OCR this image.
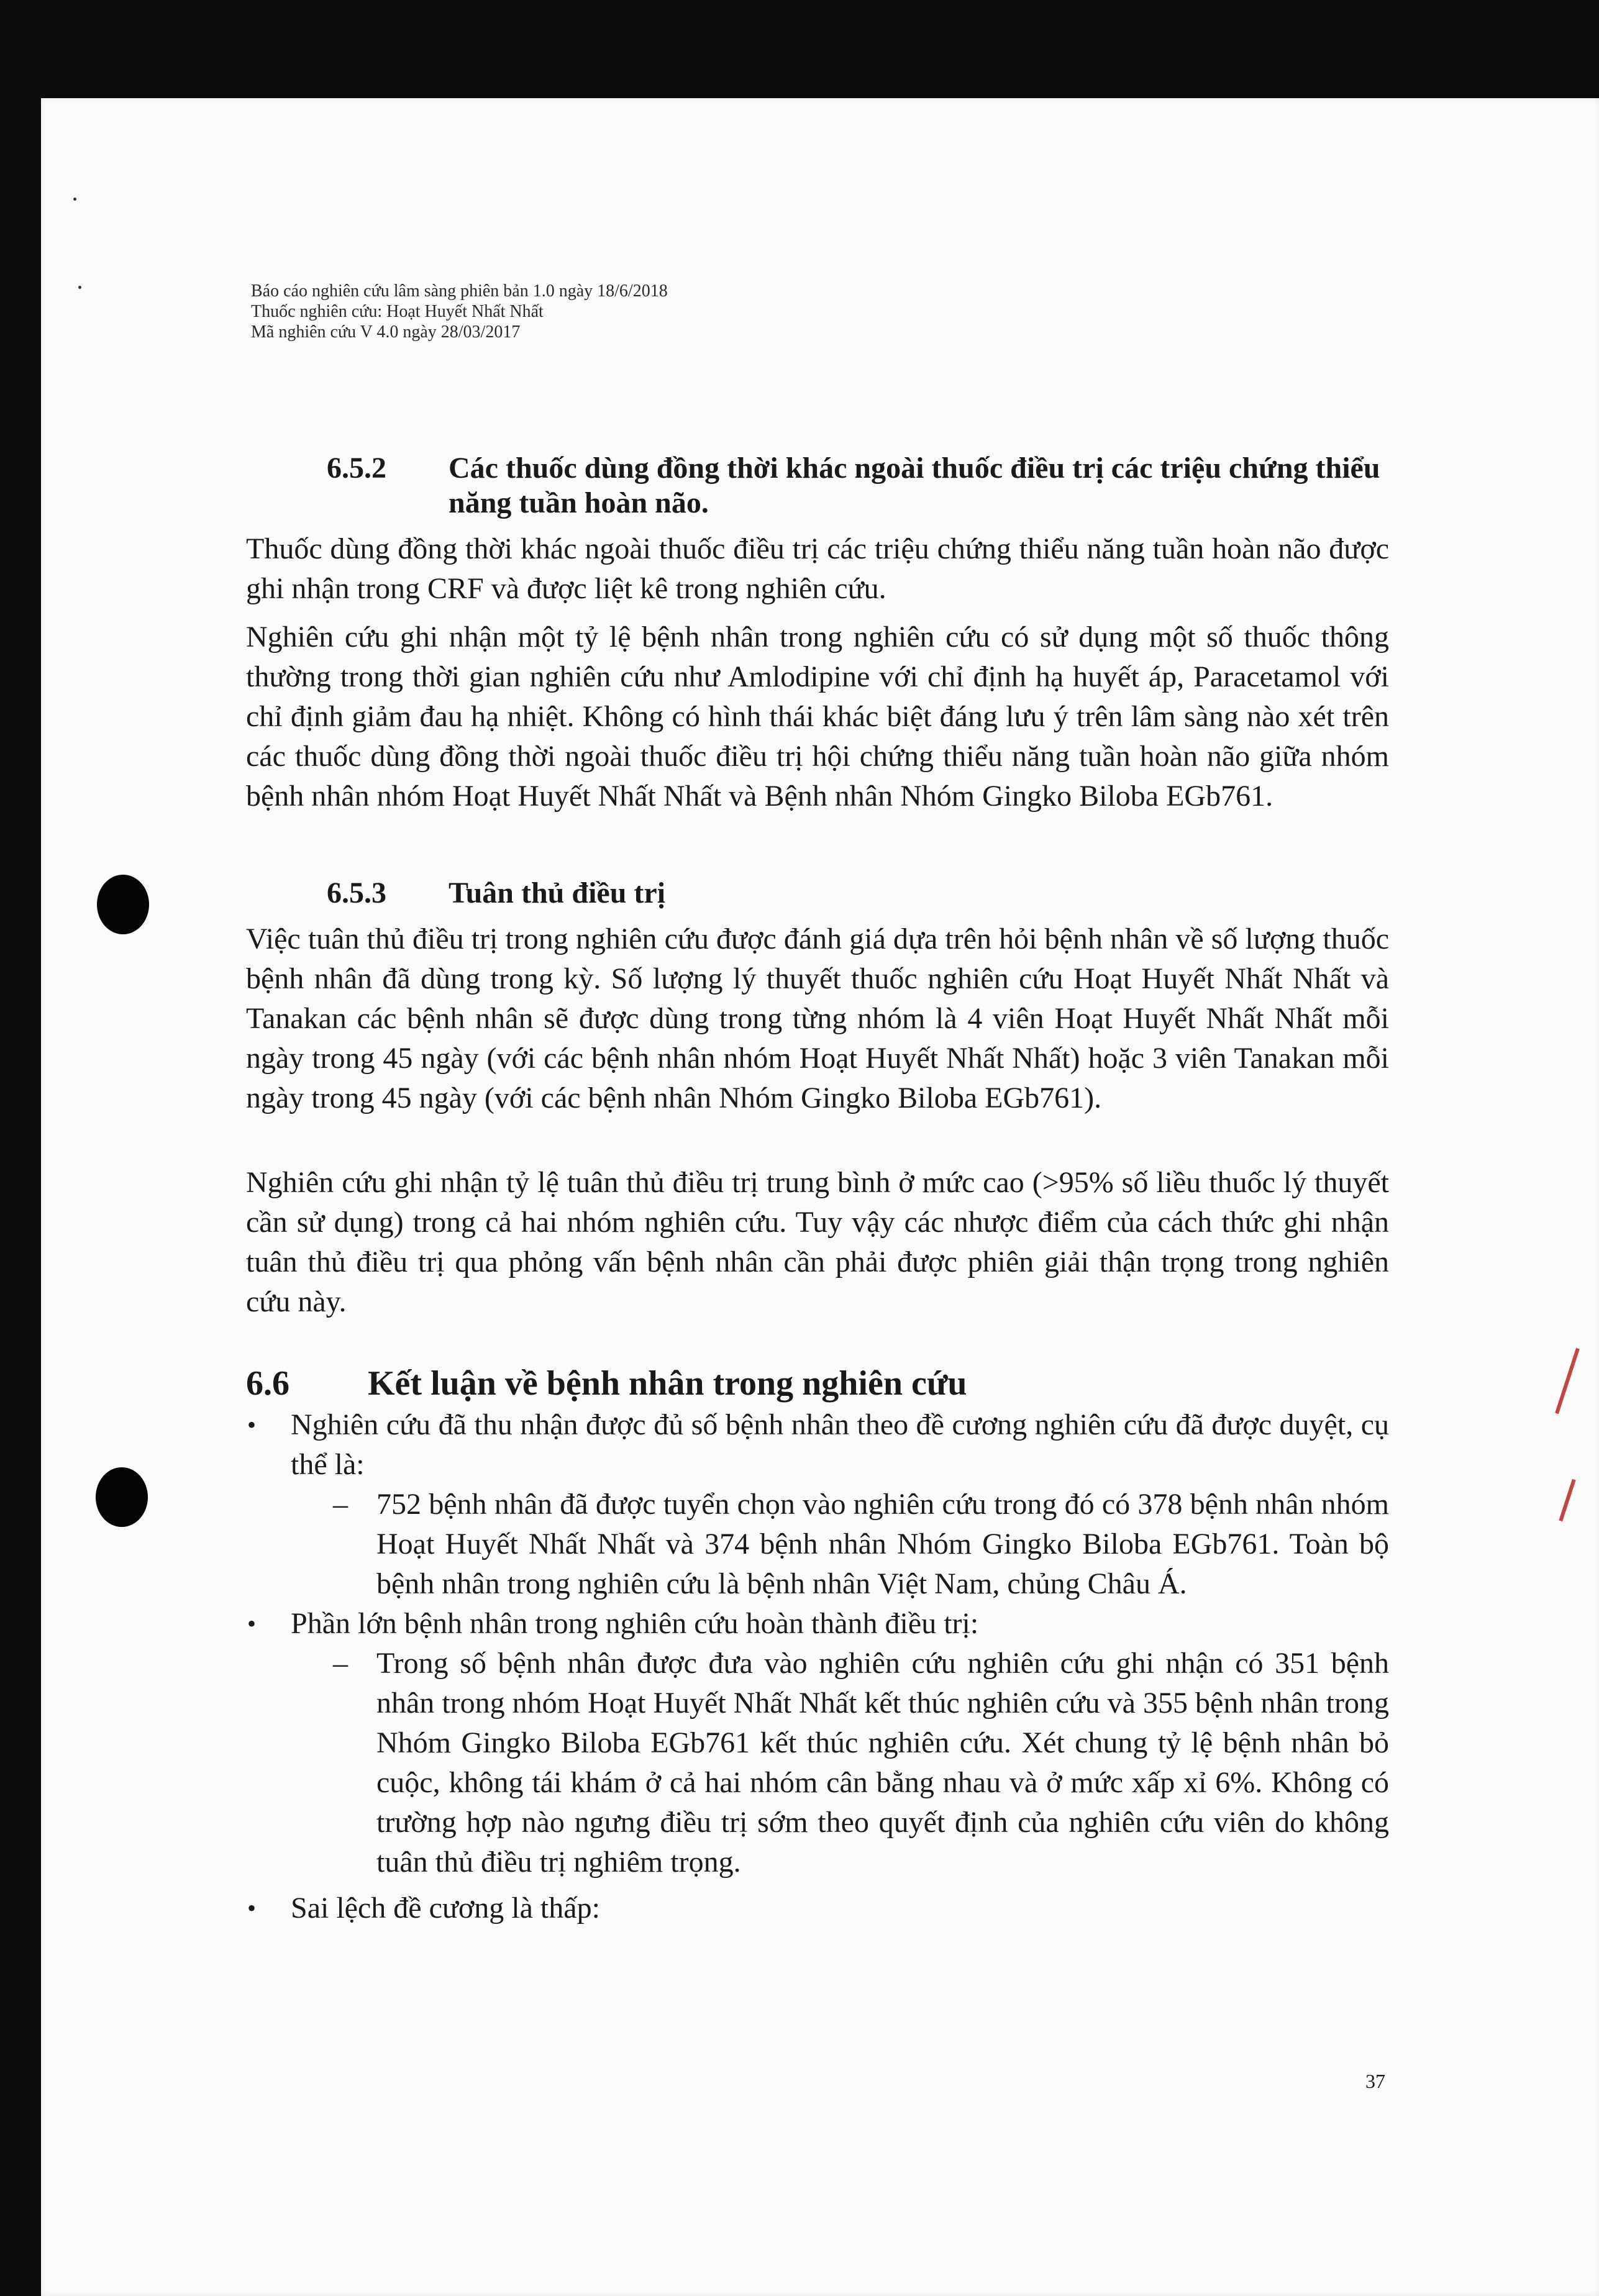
Báo cáo nghiên cứu lâm sàng phiên bản 1.0 ngày 18/6/2018
Thuốc nghiên cứu: Hoạt Huyết Nhất Nhất
Mã nghiên cứu V 4.0 ngày 28/03/2017
6.5.2	Các thuốc dùng đồng thời khác ngoài thuốc điều trị các triệu chứng thiểu năng tuần hoàn não.

Thuốc dùng đồng thời khác ngoài thuốc điều trị các triệu chứng thiểu năng tuần hoàn não được ghi nhận trong CRF và được liệt kê trong nghiên cứu.

Nghiên cứu ghi nhận một tỷ lệ bệnh nhân trong nghiên cứu có sử dụng một số thuốc thông thường trong thời gian nghiên cứu như Amlodipine với chỉ định hạ huyết áp, Paracetamol với chỉ định giảm đau hạ nhiệt. Không có hình thái khác biệt đáng lưu ý trên lâm sàng nào xét trên các thuốc dùng đồng thời ngoài thuốc điều trị hội chứng thiểu năng tuần hoàn não giữa nhóm bệnh nhân nhóm Hoạt Huyết Nhất Nhất và Bệnh nhân Nhóm Gingko Biloba EGb761.

6.5.3	Tuân thủ điều trị

Việc tuân thủ điều trị trong nghiên cứu được đánh giá dựa trên hỏi bệnh nhân về số lượng thuốc bệnh nhân đã dùng trong kỳ. Số lượng lý thuyết thuốc nghiên cứu Hoạt Huyết Nhất Nhất và Tanakan các bệnh nhân sẽ được dùng trong từng nhóm là 4 viên Hoạt Huyết Nhất Nhất mỗi ngày trong 45 ngày (với các bệnh nhân nhóm Hoạt Huyết Nhất Nhất) hoặc 3 viên Tanakan mỗi ngày trong 45 ngày (với các bệnh nhân Nhóm Gingko Biloba EGb761).

Nghiên cứu ghi nhận tỷ lệ tuân thủ điều trị trung bình ở mức cao (>95% số liều thuốc lý thuyết cần sử dụng) trong cả hai nhóm nghiên cứu. Tuy vậy các nhược điểm của cách thức ghi nhận tuân thủ điều trị qua phỏng vấn bệnh nhân cần phải được phiên giải thận trọng trong nghiên cứu này.

6.6	Kết luận về bệnh nhân trong nghiên cứu
•	Nghiên cứu đã thu nhận được đủ số bệnh nhân theo đề cương nghiên cứu đã được duyệt, cụ thể là:
– 752 bệnh nhân đã được tuyển chọn vào nghiên cứu trong đó có 378 bệnh nhân nhóm Hoạt Huyết Nhất Nhất và 374 bệnh nhân Nhóm Gingko Biloba EGb761. Toàn bộ bệnh nhân trong nghiên cứu là bệnh nhân Việt Nam, chủng Châu Á.
•	Phần lớn bệnh nhân trong nghiên cứu hoàn thành điều trị:
– Trong số bệnh nhân được đưa vào nghiên cứu nghiên cứu ghi nhận có 351 bệnh nhân trong nhóm Hoạt Huyết Nhất Nhất kết thúc nghiên cứu và 355 bệnh nhân trong Nhóm Gingko Biloba EGb761 kết thúc nghiên cứu. Xét chung tỷ lệ bệnh nhân bỏ cuộc, không tái khám ở cả hai nhóm cân bằng nhau và ở mức xấp xỉ 6%. Không có trường hợp nào ngưng điều trị sớm theo quyết định của nghiên cứu viên do không tuân thủ điều trị nghiêm trọng.
•	Sai lệch đề cương là thấp:
37
